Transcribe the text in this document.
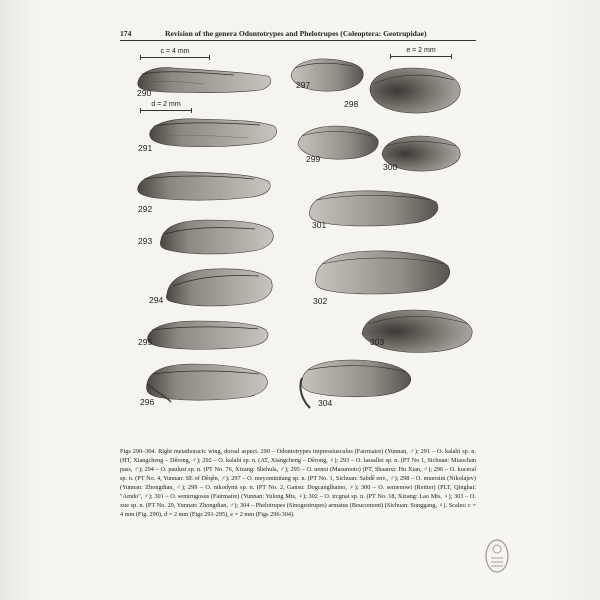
174	Revision of the genera Odontotrypes and Phelotrupes (Coleoptera: Geotrupidae)
c = 4 mm
d = 2 mm
e = 2 mm
290
291
292
293
294
295
296
297
298
299
300
301
302
303
304
Figs 290–304. Right metathoracic wing, dorsal aspect. 290 – Odontotrypes impressiusculus (Fairmaire) (Yunnan, ♂); 291 – O. kalabi sp. n. (HT, Xiangcheng – Dêrong, ♂); 292 – O. kalabi sp. n. (AT, Xiangcheng – Dêrong, ♀); 293 – O. lassallei sp. n. (PT No 1, Sichuan: Miaochan pass, ♂); 294 – O. paulusi sp. n. (PT No. 76, Xizang: Shehula, ♂); 295 – O. uenoi (Masumoto) (PT, Shaanxi: Hu Xian, ♂); 296 – O. kuceral sp. n. (PT No. 4, Yunnan: SE of Dêqên, ♂); 297 – O. meyominitang sp. n. (PT No. 1, Sichuan: Sabdê env., ♂); 298 – O. muersini (Nikolajev) (Yunnan: Zhongdian, ♂); 299 – O. nikodymi sp. n. (PT No. 2, Gansu: Dogcanglhamo, ♀); 300 – O. semenowi (Reitter) (PLT, Qinghai: "Amdo", ♂); 301 – O. semirugosus (Fairmaire) (Yunnan: Yulong Mts, ♀); 302 – O. trcgnai sp. n. (PT No. 18, Xizang: Lao Mts, ♀); 303 – O. xue sp. n. (PT No. 20, Yunnan: Zhongdian, ♂); 304 – Phelotrupes (Sinogeotrupes) armatus (Boucomont) (Sichuan: Songgang, ♀). Scales: c = 4 mm (Fig. 290), d = 2 mm (Figs 291-295), e = 2 mm (Figs 296-304).
